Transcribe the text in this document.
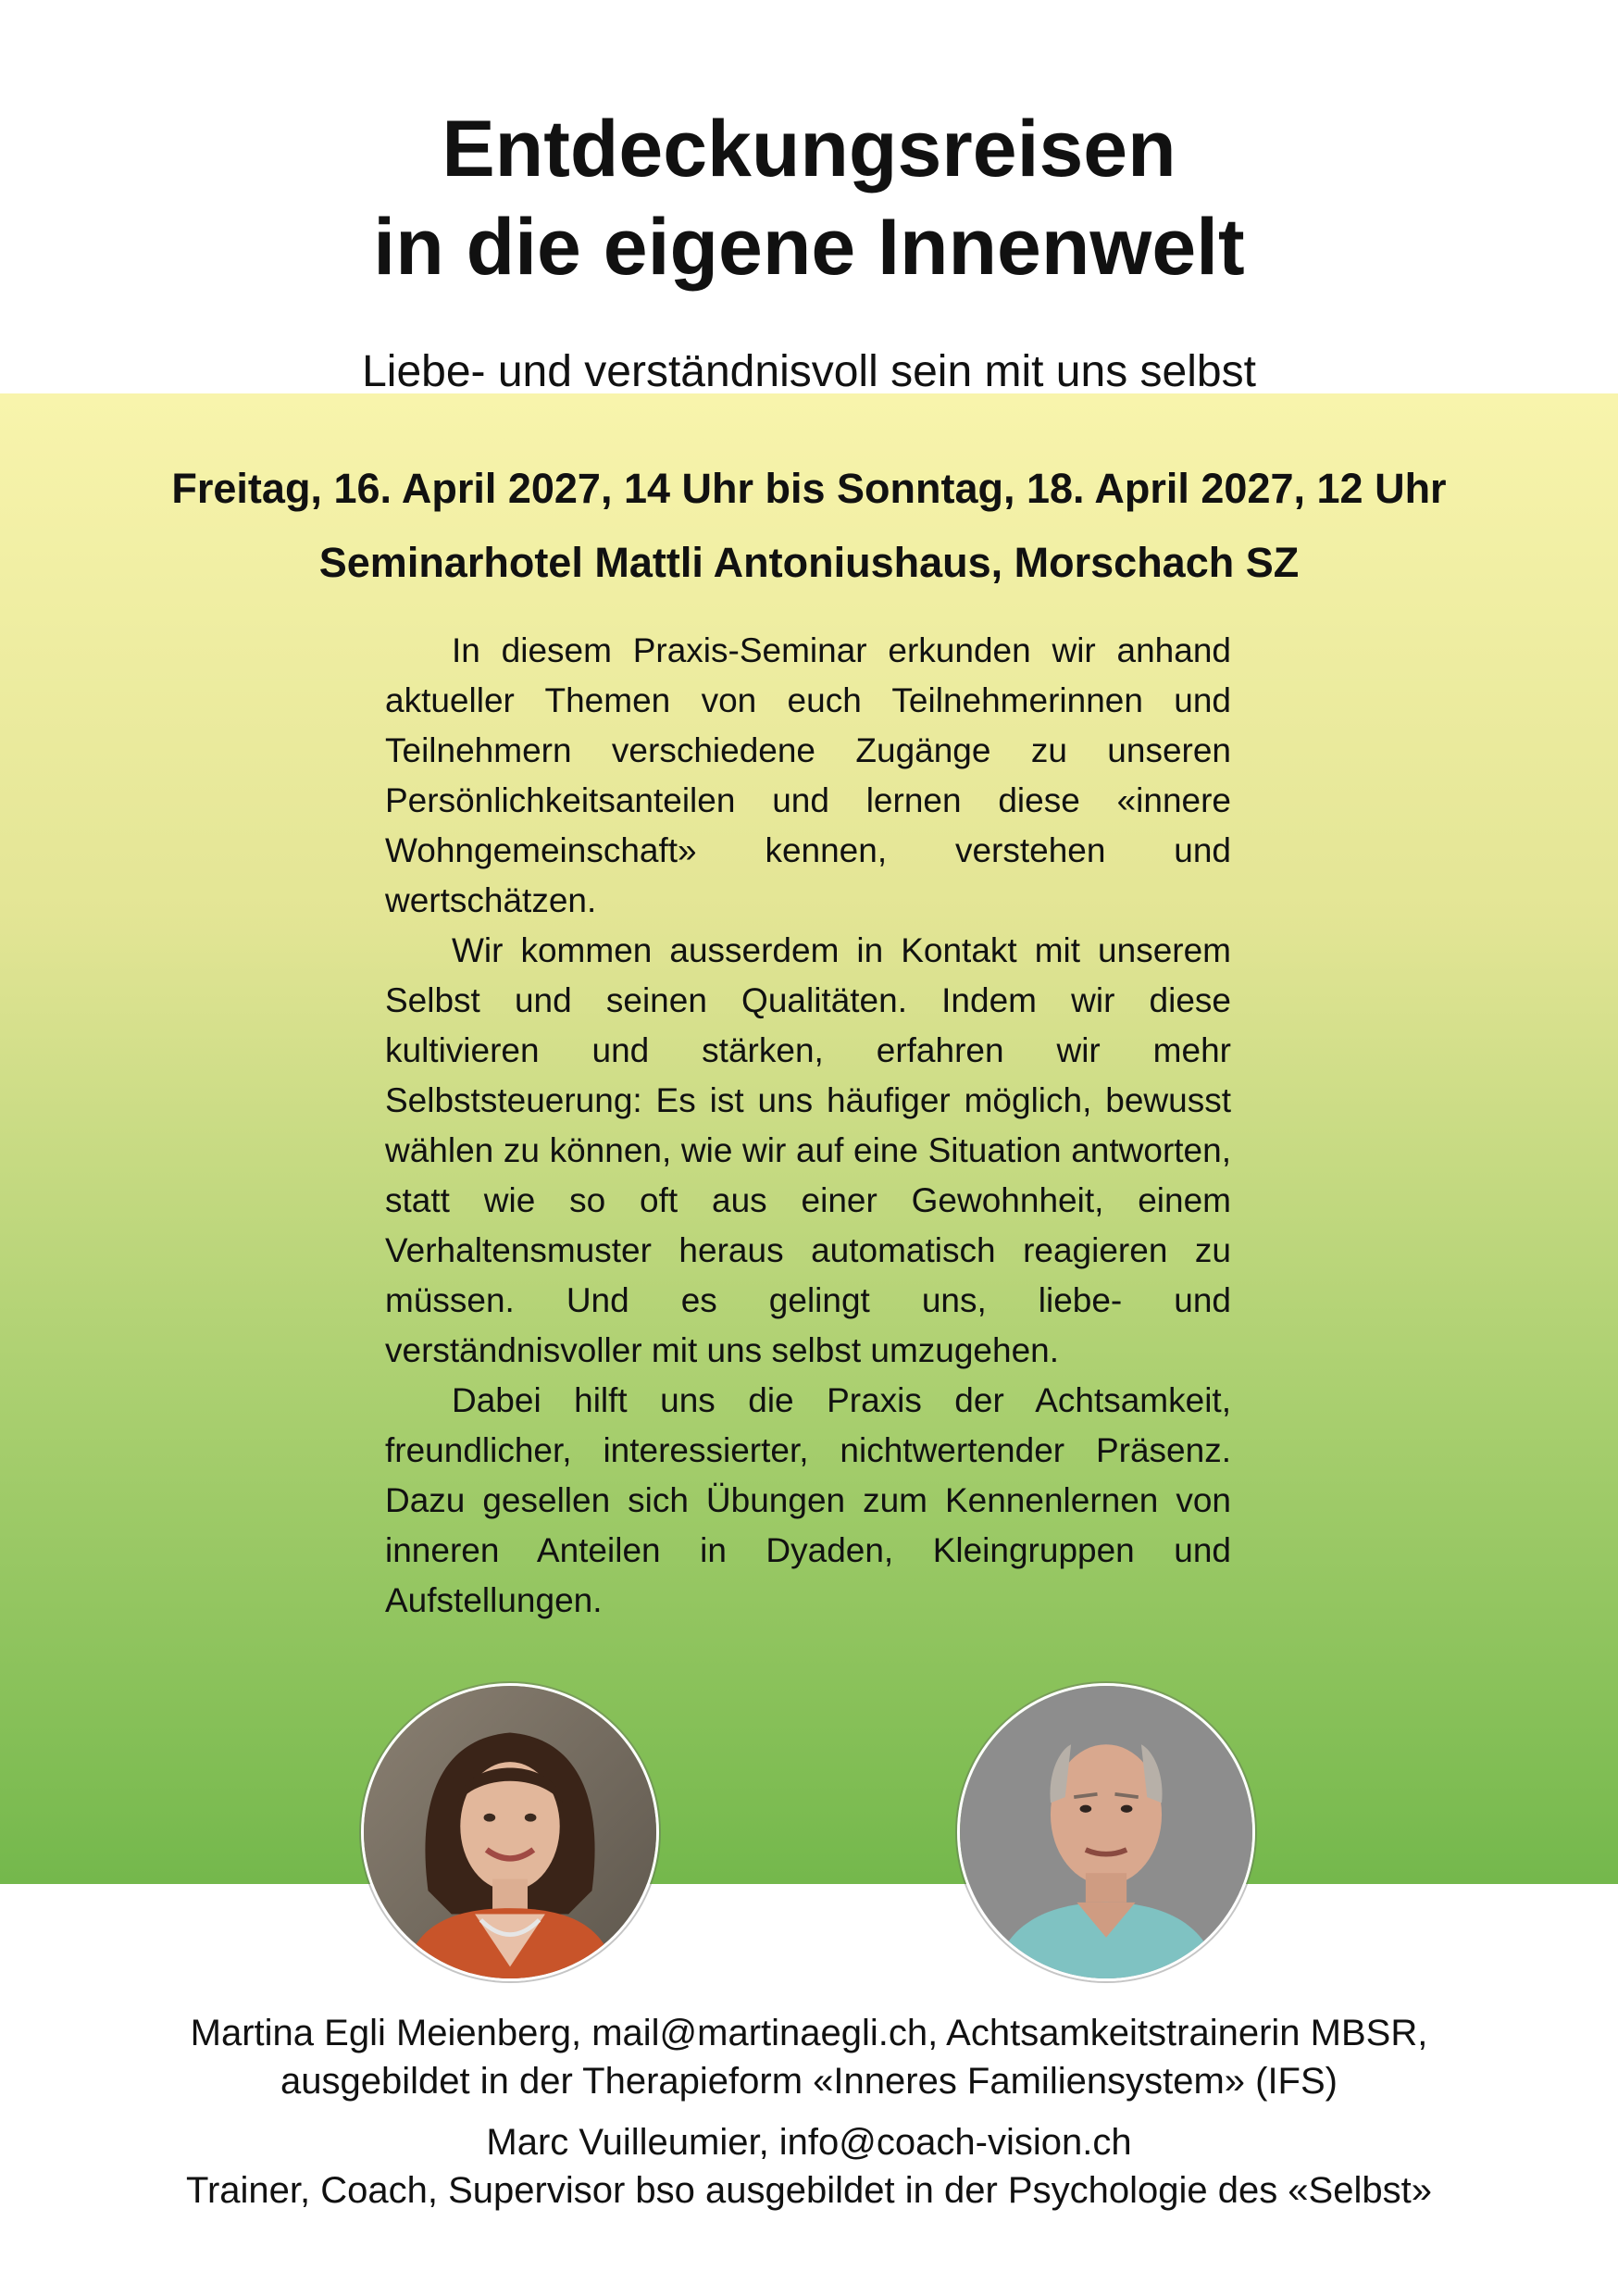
Entdeckungsreisen
in die eigene Innenwelt

Liebe- und verständnisvoll sein mit uns selbst

Freitag, 16. April 2027, 14 Uhr bis Sonntag, 18. April 2027, 12 Uhr
Seminarhotel Mattli Antoniushaus, Morschach SZ

In diesem Praxis-Seminar erkunden wir anhand aktueller Themen von euch Teilnehmerinnen und Teilnehmern verschiedene Zugänge zu unseren Persönlichkeitsanteilen und lernen diese «innere Wohngemeinschaft» kennen, verstehen und wertschätzen.

Wir kommen ausserdem in Kontakt mit unserem Selbst und seinen Qualitäten. Indem wir diese kultivieren und stärken, erfahren wir mehr Selbststeuerung: Es ist uns häufiger möglich, bewusst wählen zu können, wie wir auf eine Situation antworten, statt wie so oft aus einer Gewohnheit, einem Verhaltensmuster heraus automatisch reagieren zu müssen. Und es gelingt uns, liebe- und verständnisvoller mit uns selbst umzugehen.

Dabei hilft uns die Praxis der Achtsamkeit, freundlicher, interessierter, nichtwertender Präsenz. Dazu gesellen sich Übungen zum Kennenlernen von inneren Anteilen in Dyaden, Kleingruppen und Aufstellungen.

Martina Egli Meienberg, mail@martinaegli.ch, Achtsamkeitstrainerin MBSR,
ausgebildet in der Therapieform «Inneres Familiensystem» (IFS)

Marc Vuilleumier, info@coach-vision.ch
Trainer, Coach, Supervisor bso ausgebildet in der Psychologie des «Selbst»
